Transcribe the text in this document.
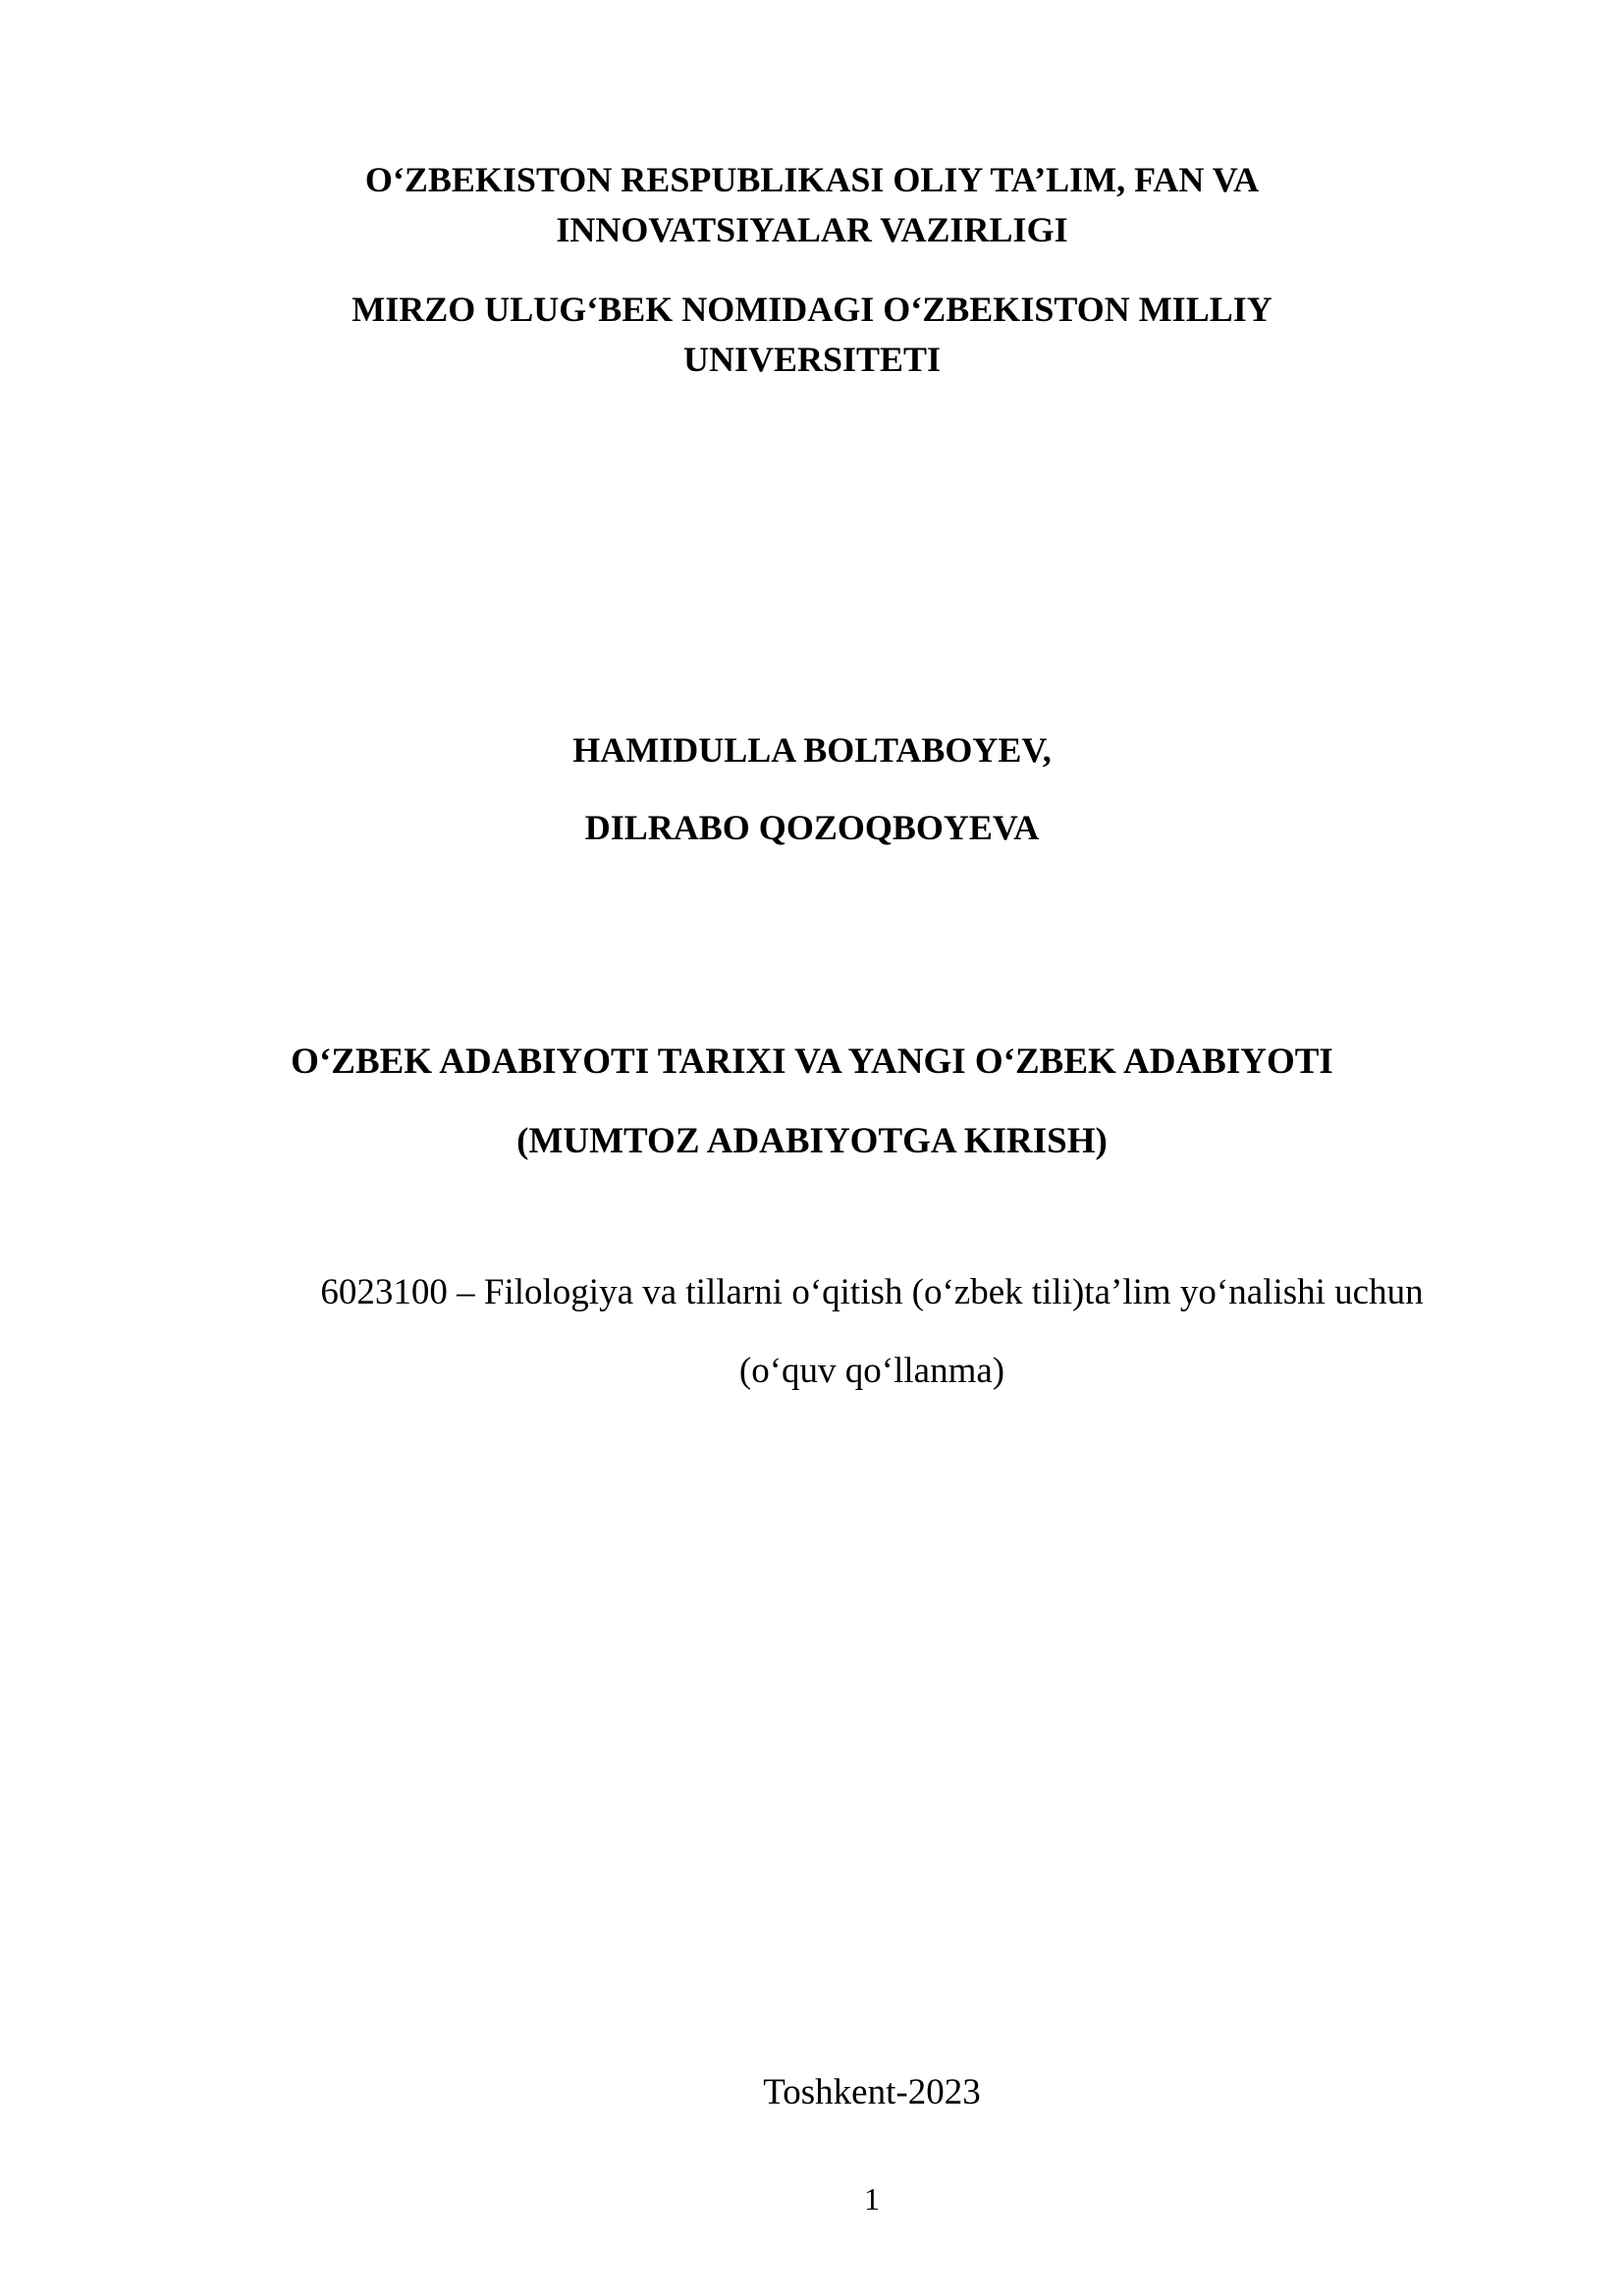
O‘ZBEKISTON RESPUBLIKASI OLIY TA’LIM, FAN VA
INNOVATSIYALAR VAZIRLIGI
MIRZO ULUG‘BEK NOMIDAGI O‘ZBEKISTON MILLIY
UNIVERSITETI

HAMIDULLA BOLTABOYEV,

DILRABO QOZOQBOYEVA

O‘ZBEK ADABIYOTI TARIXI VA YANGI O‘ZBEK ADABIYOTI
(MUMTOZ ADABIYOTGA KIRISH)

6023100 – Filologiya va tillarni o‘qitish (o‘zbek tili)ta’lim yo‘nalishi uchun

(o‘quv qo‘llanma)

Toshkent-2023

1
